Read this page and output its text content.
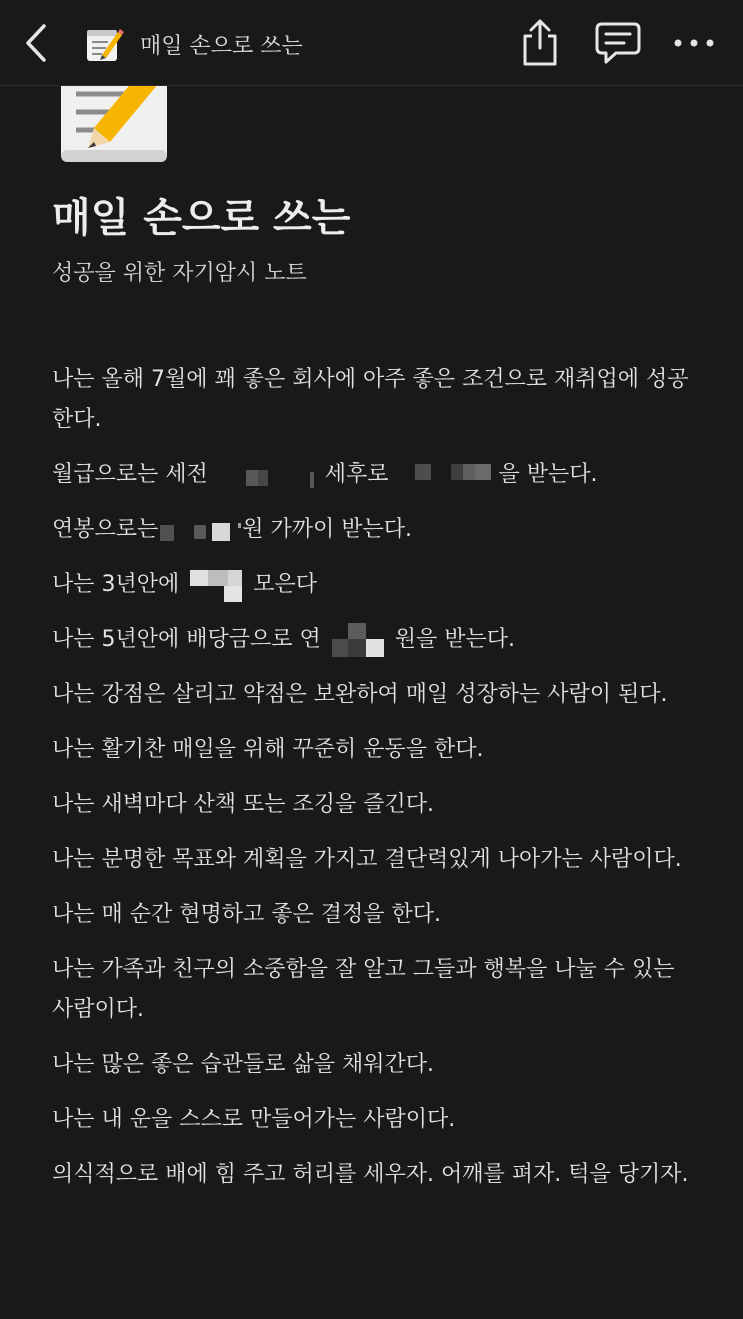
매일 손으로 쓰는
매일 손으로 쓰는
성공을 위한 자기암시 노트
나는 올해 7월에 꽤 좋은 회사에 아주 좋은 조건으로 재취업에 성공한다.
월급으로는 세전	세후로	을 받는다.
연봉으로는	원 가까이 받는다.
나는 3년안에	모은다
나는 5년안에 배당금으로 연	원을 받는다.
나는 강점은 살리고 약점은 보완하여 매일 성장하는 사람이 된다.
나는 활기찬 매일을 위해 꾸준히 운동을 한다.
나는 새벽마다 산책 또는 조깅을 즐긴다.
나는 분명한 목표와 계획을 가지고 결단력있게 나아가는 사람이다.
나는 매 순간 현명하고 좋은 결정을 한다.
나는 가족과 친구의 소중함을 잘 알고 그들과 행복을 나눌 수 있는 사람이다.
나는 많은 좋은 습관들로 삶을 채워간다.
나는 내 운을 스스로 만들어가는 사람이다.
의식적으로 배에 힘 주고 허리를 세우자. 어깨를 펴자. 턱을 당기자.
